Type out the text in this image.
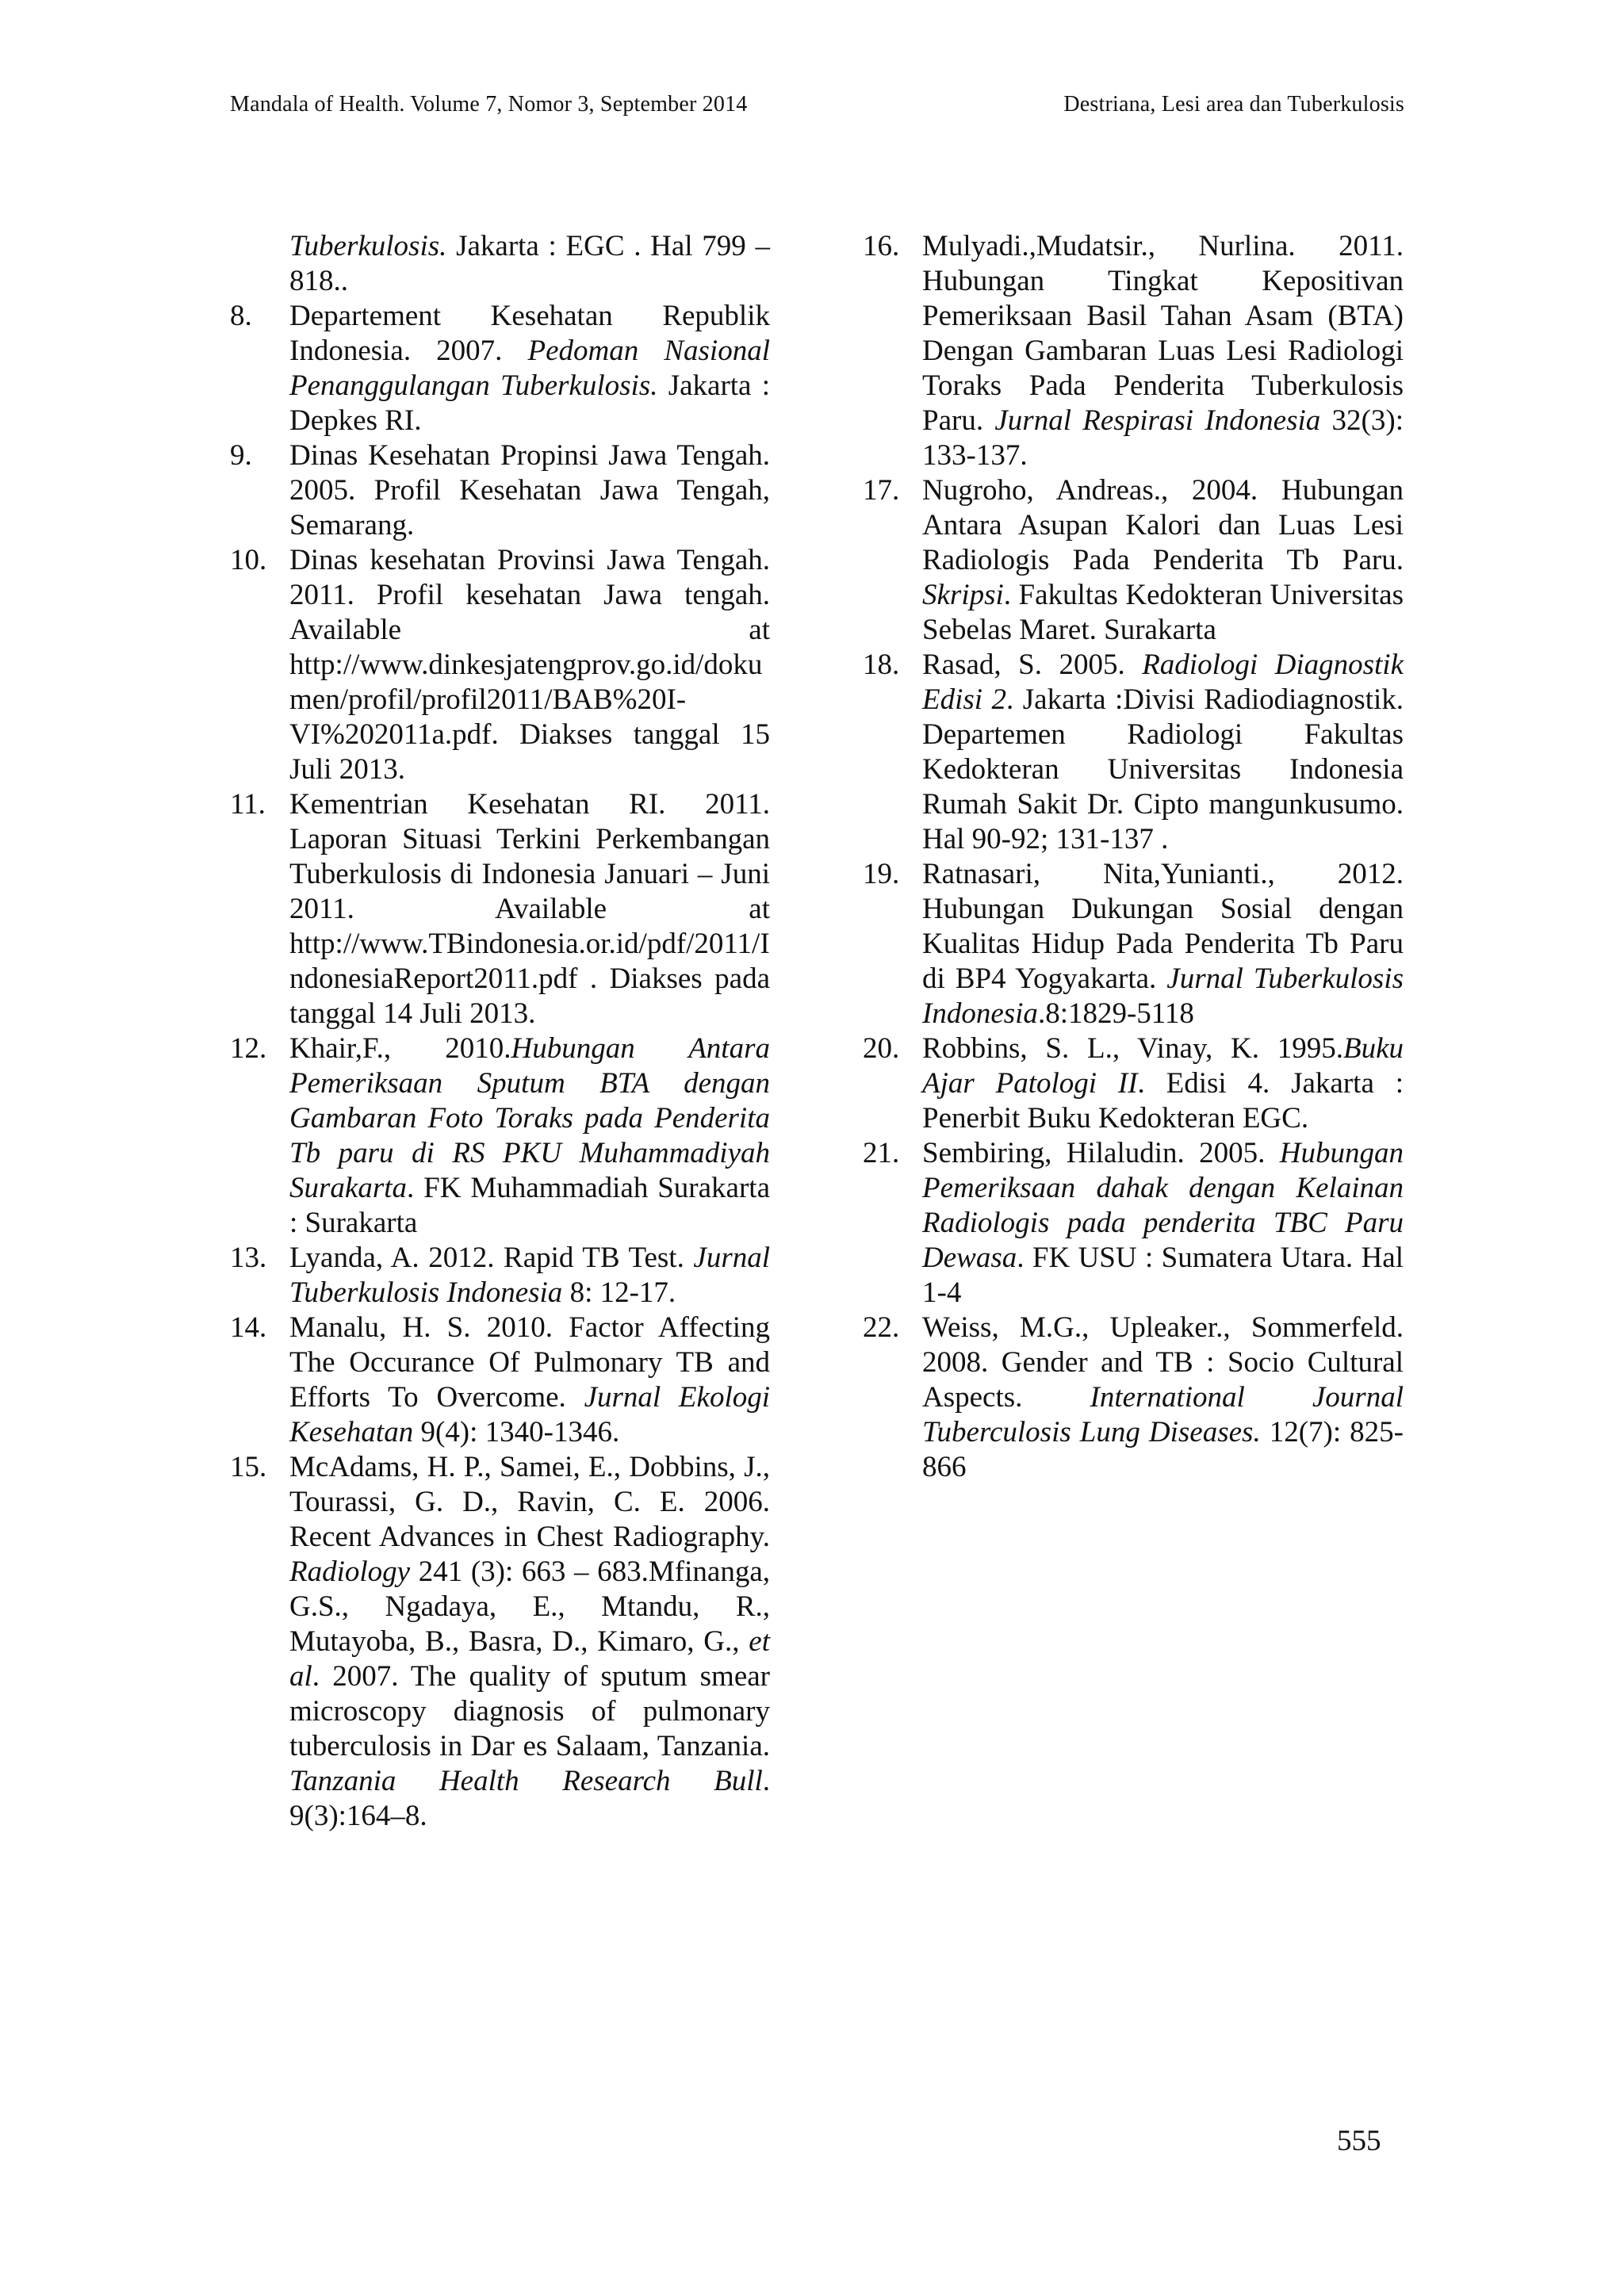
Mandala of Health. Volume 7, Nomor 3, September 2014	Destriana, Lesi area dan Tuberkulosis
Tuberkulosis. Jakarta : EGC . Hal 799 – 818..
8.	Departement Kesehatan Republik Indonesia. 2007. Pedoman Nasional Penanggulangan Tuberkulosis. Jakarta : Depkes RI.
9.	Dinas Kesehatan Propinsi Jawa Tengah. 2005. Profil Kesehatan Jawa Tengah, Semarang.
10. Dinas kesehatan Provinsi Jawa Tengah. 2011. Profil kesehatan Jawa tengah. Available at http://www.dinkesjatengprov.go.id/dokumen/profil/profil2011/BAB%20I-VI%202011a.pdf. Diakses tanggal 15 Juli 2013.
11. Kementrian Kesehatan RI. 2011. Laporan Situasi Terkini Perkembangan Tuberkulosis di Indonesia Januari – Juni 2011. Available at http://www.TBindonesia.or.id/pdf/2011/IndonesiaReport2011.pdf . Diakses pada tanggal 14 Juli 2013.
12. Khair,F., 2010.Hubungan Antara Pemeriksaan Sputum BTA dengan Gambaran Foto Toraks pada Penderita Tb paru di RS PKU Muhammadiyah Surakarta. FK Muhammadiah Surakarta : Surakarta
13. Lyanda, A. 2012. Rapid TB Test. Jurnal Tuberkulosis Indonesia 8: 12-17.
14. Manalu, H. S. 2010. Factor Affecting The Occurance Of Pulmonary TB and Efforts To Overcome. Jurnal Ekologi Kesehatan 9(4): 1340-1346.
15. McAdams, H. P., Samei, E., Dobbins, J., Tourassi, G. D., Ravin, C. E. 2006. Recent Advances in Chest Radiography. Radiology 241 (3): 663 – 683.Mfinanga, G.S., Ngadaya, E., Mtandu, R., Mutayoba, B., Basra, D., Kimaro, G., et al. 2007. The quality of sputum smear microscopy diagnosis of pulmonary tuberculosis in Dar es Salaam, Tanzania. Tanzania Health Research Bull. 9(3):164–8.
16. Mulyadi.,Mudatsir., Nurlina. 2011. Hubungan Tingkat Kepositivan Pemeriksaan Basil Tahan Asam (BTA) Dengan Gambaran Luas Lesi Radiologi Toraks Pada Penderita Tuberkulosis Paru. Jurnal Respirasi Indonesia 32(3): 133-137.
17. Nugroho, Andreas., 2004. Hubungan Antara Asupan Kalori dan Luas Lesi Radiologis Pada Penderita Tb Paru. Skripsi. Fakultas Kedokteran Universitas Sebelas Maret. Surakarta
18. Rasad, S. 2005. Radiologi Diagnostik Edisi 2. Jakarta :Divisi Radiodiagnostik. Departemen Radiologi Fakultas Kedokteran Universitas Indonesia Rumah Sakit Dr. Cipto mangunkusumo. Hal 90-92; 131-137 .
19. Ratnasari, Nita,Yunianti., 2012. Hubungan Dukungan Sosial dengan Kualitas Hidup Pada Penderita Tb Paru di BP4 Yogyakarta. Jurnal Tuberkulosis Indonesia.8:1829-5118
20. Robbins, S. L., Vinay, K. 1995.Buku Ajar Patologi II. Edisi 4. Jakarta : Penerbit Buku Kedokteran EGC.
21. Sembiring, Hilaludin. 2005. Hubungan Pemeriksaan dahak dengan Kelainan Radiologis pada penderita TBC Paru Dewasa. FK USU : Sumatera Utara. Hal 1-4
22. Weiss, M.G., Upleaker., Sommerfeld. 2008. Gender and TB : Socio Cultural Aspects. International Journal Tuberculosis Lung Diseases. 12(7): 825-866
555
